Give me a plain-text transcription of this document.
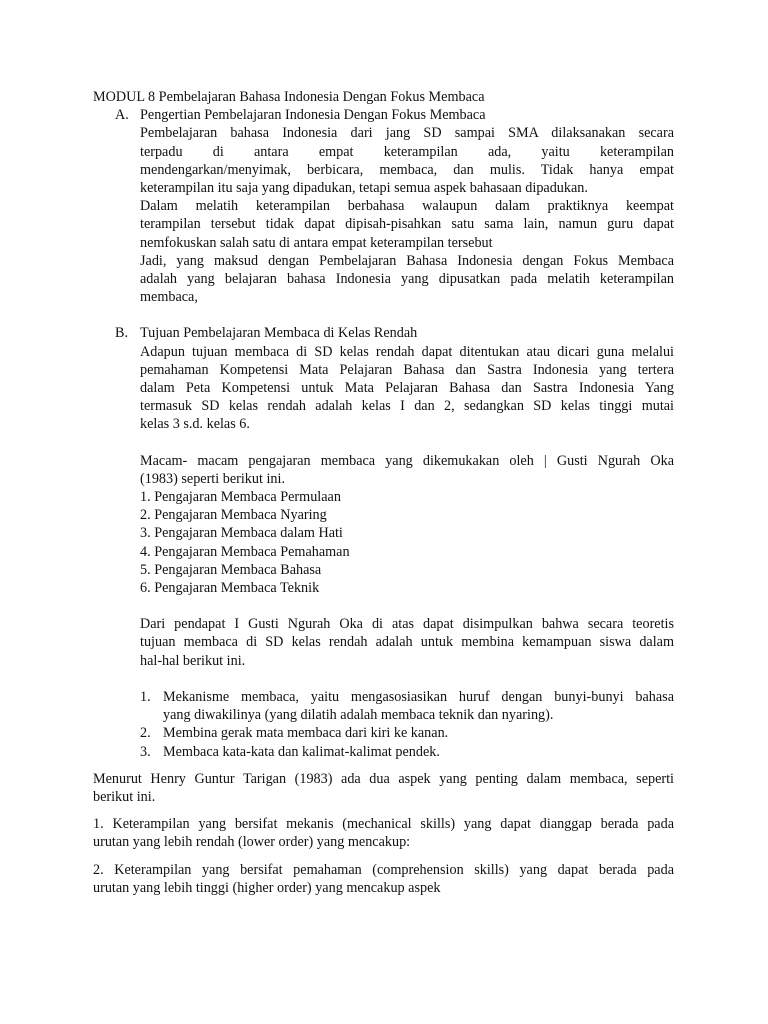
MODUL 8 Pembelajaran Bahasa Indonesia Dengan Fokus Membaca

A. Pengertian Pembelajaran Indonesia Dengan Fokus Membaca

Pembelajaran bahasa Indonesia dari jang SD sampai SMA dilaksanakan secara

terpadu di antara empat keterampilan ada, yaitu keterampilan

mendengarkan/menyimak, berbicara, membaca, dan mulis. Tidak hanya empat

keterampilan itu saja yang dipadukan, tetapi semua aspek bahasaan dipadukan.

Dalam melatih keterampilan berbahasa walaupun dalam praktiknya keempat

terampilan tersebut tidak dapat dipisah-pisahkan satu sama lain, namun guru dapat

nemfokuskan salah satu di antara empat keterampilan tersebut

Jadi, yang maksud dengan Pembelajaran Bahasa Indonesia dengan Fokus Membaca

adalah yang belajaran bahasa Indonesia yang dipusatkan pada melatih keterampilan

membaca,

B. Tujuan Pembelajaran Membaca di Kelas Rendah

Adapun tujuan membaca di SD kelas rendah dapat ditentukan atau dicari guna melalui

pemahaman Kompetensi Mata Pelajaran Bahasa dan Sastra Indonesia yang tertera

dalam Peta Kompetensi untuk Mata Pelajaran Bahasa dan Sastra Indonesia Yang

termasuk SD kelas rendah adalah kelas I dan 2, sedangkan SD kelas tinggi mutai

kelas 3 s.d. kelas 6.

Macam- macam pengajaran membaca yang dikemukakan oleh | Gusti Ngurah Oka

(1983) seperti berikut ini.

1. Pengajaran Membaca Permulaan
2. Pengajaran Membaca Nyaring
3. Pengajaran Membaca dalam Hati
4. Pengajaran Membaca Pemahaman
5. Pengajaran Membaca Bahasa
6. Pengajaran Membaca Teknik

Dari pendapat I Gusti Ngurah Oka di atas dapat disimpulkan bahwa secara teoretis

tujuan membaca di SD kelas rendah adalah untuk membina kemampuan siswa dalam

hal-hal berikut ini.

1. Mekanisme membaca, yaitu mengasosiasikan huruf dengan bunyi-bunyi bahasa
yang diwakilinya (yang dilatih adalah membaca teknik dan nyaring).
2. Membina gerak mata membaca dari kiri ke kanan.
3. Membaca kata-kata dan kalimat-kalimat pendek.

Menurut Henry Guntur Tarigan (1983) ada dua aspek yang penting dalam membaca, seperti

berikut ini.

1. Keterampilan yang bersifat mekanis (mechanical skills) yang dapat dianggap berada pada

urutan yang lebih rendah (lower order) yang mencakup:

2. Keterampilan yang bersifat pemahaman (comprehension skills) yang dapat berada pada

urutan yang lebih tinggi (higher order) yang mencakup aspek
